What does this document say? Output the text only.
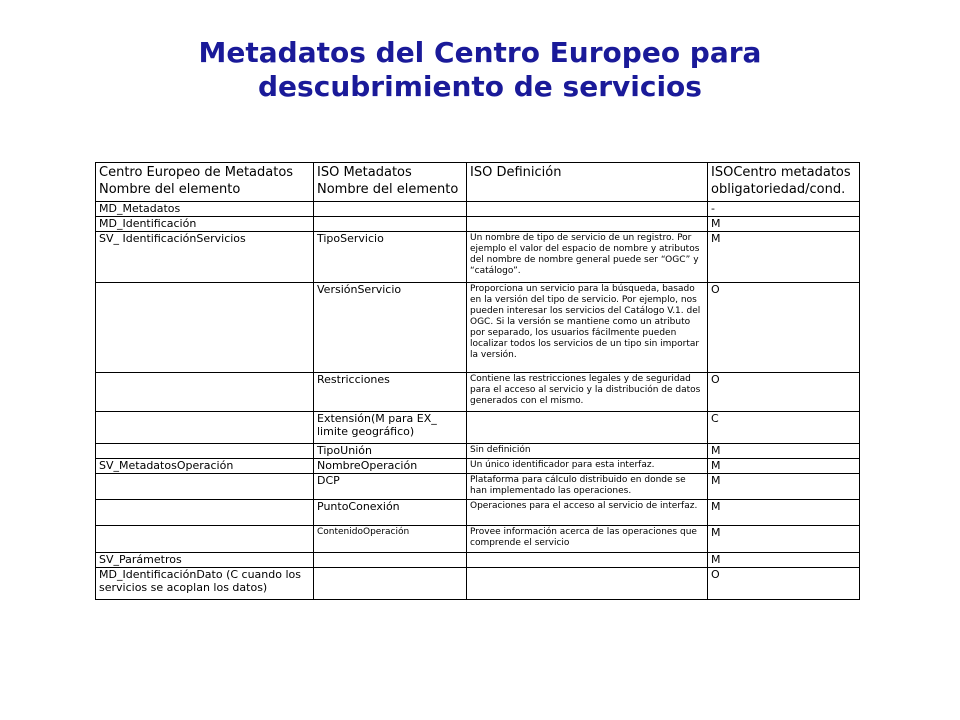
Metadatos del Centro Europeo para
descubrimiento de servicios
Centro Europeo de Metadatos Nombre del elemento	ISO Metadatos Nombre del elemento	ISO Definición	ISOCentro metadatos obligatoriedad/cond.
MD_Metadatos			-
MD_Identificación			M
SV_ IdentificaciónServicios	TipoServicio	Un nombre de tipo de servicio de un registro. Por ejemplo el valor del espacio de nombre y atributos del nombre de nombre general puede ser “OGC” y “catálogo”.	M
	VersiónServicio	Proporciona un servicio para la búsqueda, basado en la versión del tipo de servicio. Por ejemplo, nos pueden interesar los servicios del Catálogo V.1. del OGC. Si la versión se mantiene como un atributo por separado, los usuarios fácilmente pueden localizar todos los servicios de un tipo sin importar la versión.	O
	Restricciones	Contiene las restricciones legales y de seguridad para el acceso al servicio y la distribución de datos generados con el mismo.	O
	Extensión(M para EX_ limite geográfico)		C
	TipoUnión	Sin definición	M
SV_MetadatosOperación	NombreOperación	Un único identificador para esta interfaz.	M
	DCP	Plataforma para cálculo distribuido en donde se han implementado las operaciones.	M
	PuntoConexión	Operaciones para el acceso al servicio de interfaz.	M
	ContenidoOperación	Provee información acerca de las operaciones que comprende el servicio	M
SV_Parámetros			M
MD_IdentificaciónDato (C cuando los servicios se acoplan los datos)			O
